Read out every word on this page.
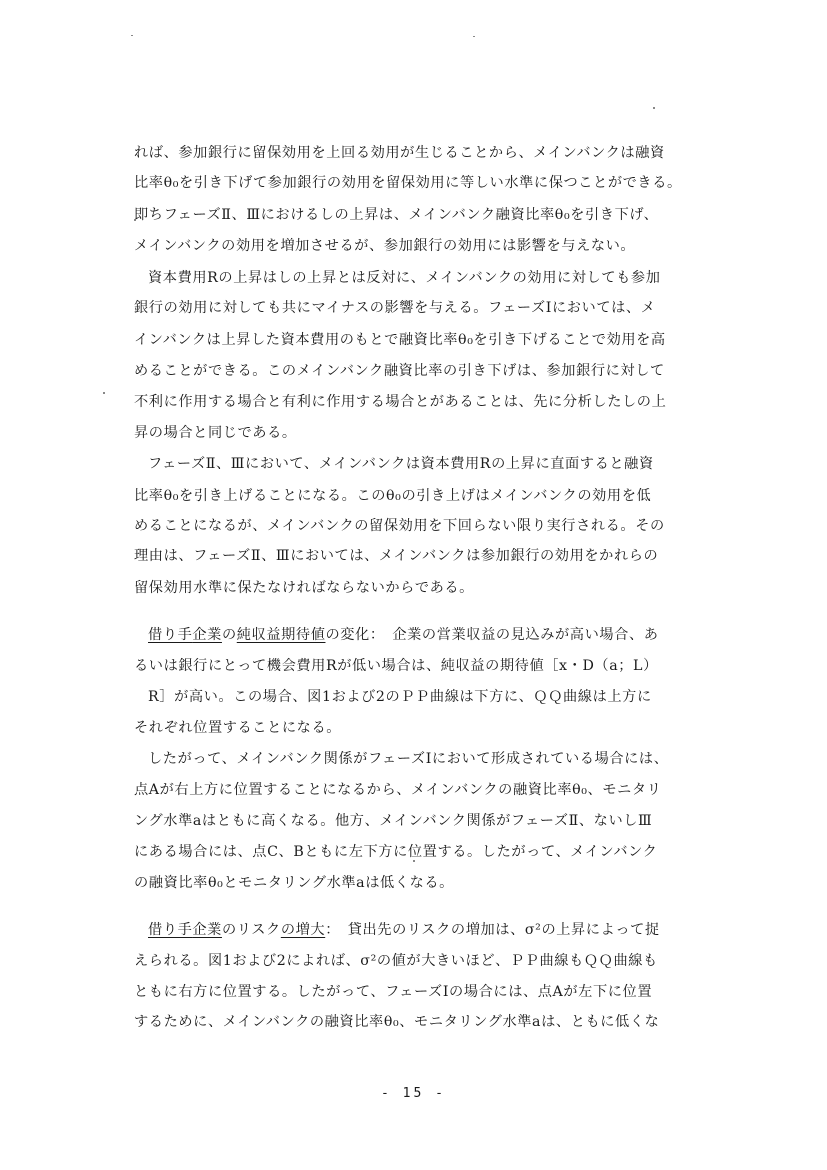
れば、参加銀行に留保効用を上回る効用が生じることから、メインバンクは融資
比率θ₀を引き下げて参加銀行の効用を留保効用に等しい水準に保つことができる。
即ちフェーズⅡ、Ⅲにおけるしの上昇は、メインバンク融資比率θ₀を引き下げ、
メインバンクの効用を増加させるが、参加銀行の効用には影響を与えない。
資本費用Rの上昇はしの上昇とは反対に、メインバンクの効用に対しても参加
銀行の効用に対しても共にマイナスの影響を与える。フェーズⅠにおいては、メ
インバンクは上昇した資本費用のもとで融資比率θ₀を引き下げることで効用を高
めることができる。このメインバンク融資比率の引き下げは、参加銀行に対して
不利に作用する場合と有利に作用する場合とがあることは、先に分析したしの上
昇の場合と同じである。
フェーズⅡ、Ⅲにおいて、メインバンクは資本費用Rの上昇に直面すると融資
比率θ₀を引き上げることになる。このθ₀の引き上げはメインバンクの効用を低
めることになるが、メインバンクの留保効用を下回らない限り実行される。その
理由は、フェーズⅡ、Ⅲにおいては、メインバンクは参加銀行の効用をかれらの
留保効用水準に保たなければならないからである。
借り手企業の純収益期待値の変化：　 企業の営業収益の見込みが高い場合、あ
るいは銀行にとって機会費用Rが低い場合は、純収益の期待値［x・D（a；L）
R］が高い。この場合、図1および2のＰＰ曲線は下方に、ＱＱ曲線は上方に
それぞれ位置することになる。
したがって、メインバンク関係がフェーズⅠにおいて形成されている場合には、
点Aが右上方に位置することになるから、メインバンクの融資比率θ₀、モニタリ
ング水準aはともに高くなる。他方、メインバンク関係がフェーズⅡ、ないしⅢ
にある場合には、点C、Bともに左下方に位置する。したがって、メインバンク
の融資比率θ₀とモニタリング水準aは低くなる。
借り手企業のリスクの増大：　 貸出先のリスクの増加は、σ²の上昇によって捉
えられる。図1および2によれば、σ²の値が大きいほど、ＰＰ曲線もＱＱ曲線も
ともに右方に位置する。したがって、フェーズⅠの場合には、点Aが左下に位置
するために、メインバンクの融資比率θ₀、モニタリング水準aは、ともに低くな
- 15 -
